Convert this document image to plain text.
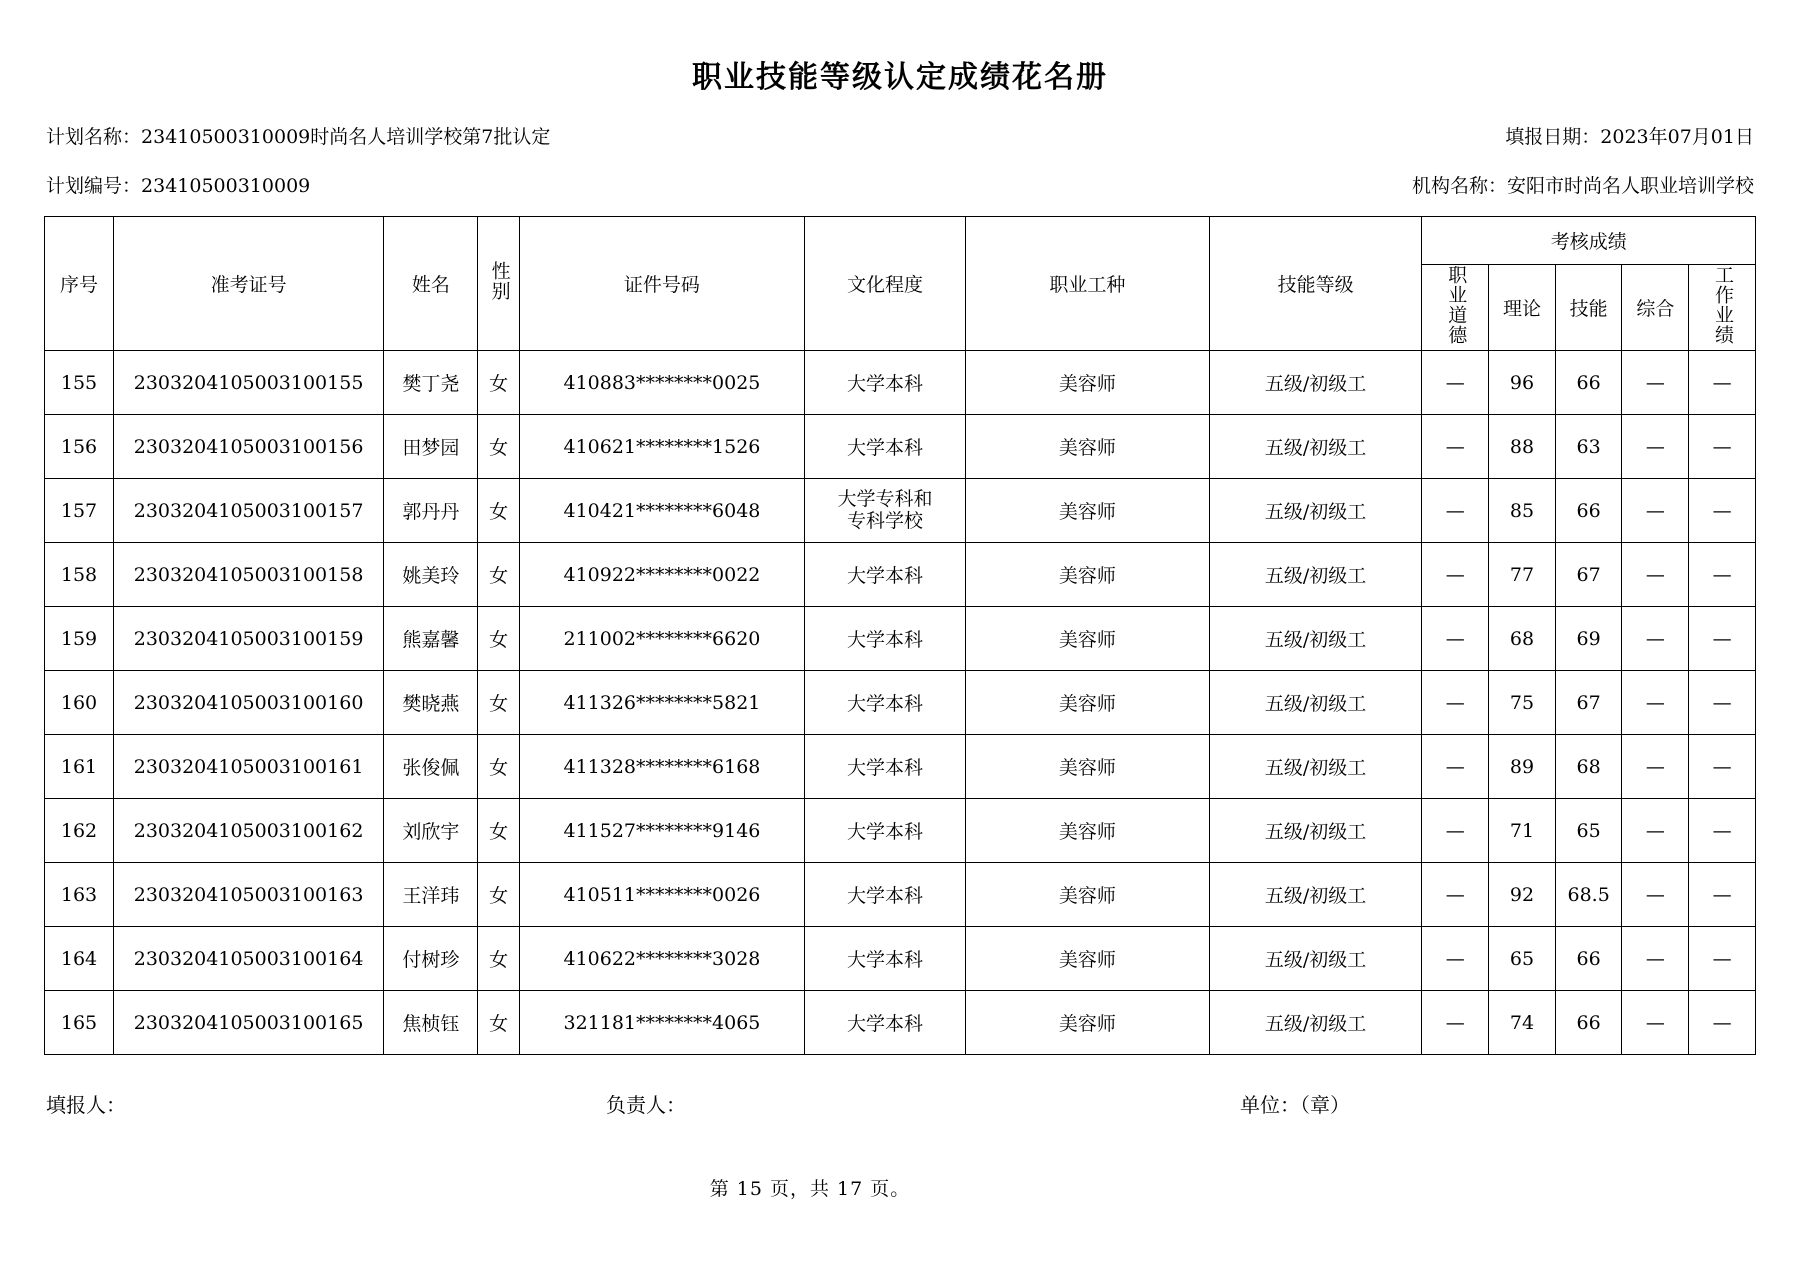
职业技能等级认定成绩花名册
计划名称：23410500310009时尚名人培训学校第7批认定	填报日期：2023年07月01日
计划编号：23410500310009	机构名称：安阳市时尚名人职业培训学校
序号	准考证号	姓名	性别	证件号码	文化程度	职业工种	技能等级	考核成绩				
								职业道德	理论	技能	综合	工作业绩
155	2303204105003100155	樊丁尧	女	410883********0025	大学本科	美容师	五级/初级工	—	96	66	—	—
156	2303204105003100156	田梦园	女	410621********1526	大学本科	美容师	五级/初级工	—	88	63	—	—
157	2303204105003100157	郭丹丹	女	410421********6048	大学专科和
专科学校	美容师	五级/初级工	—	85	66	—	—
158	2303204105003100158	姚美玲	女	410922********0022	大学本科	美容师	五级/初级工	—	77	67	—	—
159	2303204105003100159	熊嘉馨	女	211002********6620	大学本科	美容师	五级/初级工	—	68	69	—	—
160	2303204105003100160	樊晓燕	女	411326********5821	大学本科	美容师	五级/初级工	—	75	67	—	—
161	2303204105003100161	张俊佩	女	411328********6168	大学本科	美容师	五级/初级工	—	89	68	—	—
162	2303204105003100162	刘欣宇	女	411527********9146	大学本科	美容师	五级/初级工	—	71	65	—	—
163	2303204105003100163	王洋玮	女	410511********0026	大学本科	美容师	五级/初级工	—	92	68.5	—	—
164	2303204105003100164	付树珍	女	410622********3028	大学本科	美容师	五级/初级工	—	65	66	—	—
165	2303204105003100165	焦桢钰	女	321181********4065	大学本科	美容师	五级/初级工	—	74	66	—	—
填报人：	负责人：	单位：（章）
第 15 页，共 17 页。
